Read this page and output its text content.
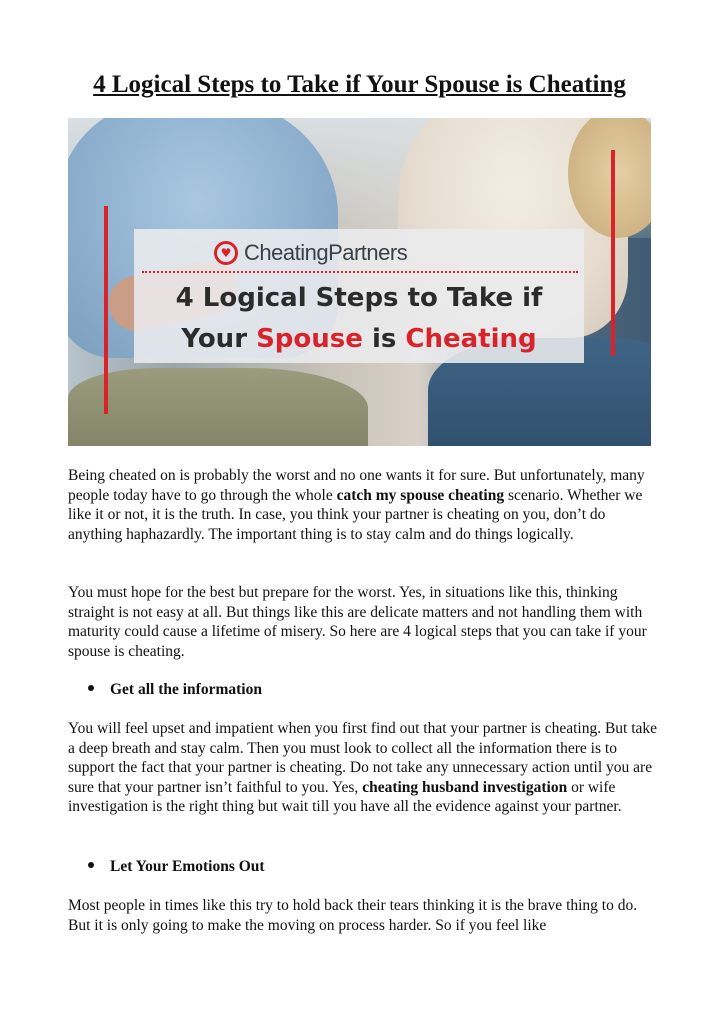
4 Logical Steps to Take if Your Spouse is Cheating
♥ CheatingPartners
4 Logical Steps to Take if
Your Spouse is Cheating

Being cheated on is probably the worst and no one wants it for sure. But unfortunately, many people today have to go through the whole catch my spouse cheating scenario. Whether we like it or not, it is the truth. In case, you think your partner is cheating on you, don’t do anything haphazardly. The important thing is to stay calm and do things logically.

You must hope for the best but prepare for the worst. Yes, in situations like this, thinking straight is not easy at all. But things like this are delicate matters and not handling them with maturity could cause a lifetime of misery. So here are 4 logical steps that you can take if your spouse is cheating.

Get all the information

You will feel upset and impatient when you first find out that your partner is cheating. But take a deep breath and stay calm. Then you must look to collect all the information there is to support the fact that your partner is cheating. Do not take any unnecessary action until you are sure that your partner isn’t faithful to you. Yes, cheating husband investigation or wife investigation is the right thing but wait till you have all the evidence against your partner.

Let Your Emotions Out

Most people in times like this try to hold back their tears thinking it is the brave thing to do. But it is only going to make the moving on process harder. So if you feel like
